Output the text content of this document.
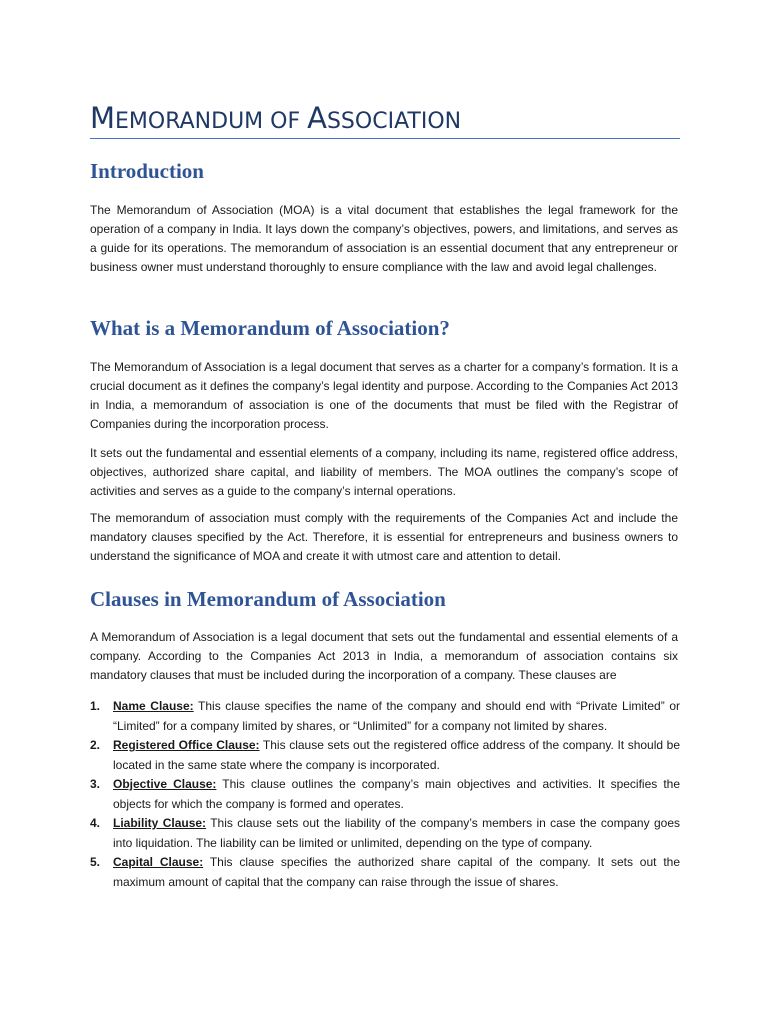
MEMORANDUM OF ASSOCIATION
Introduction

The Memorandum of Association (MOA) is a vital document that establishes the legal framework for the operation of a company in India. It lays down the company’s objectives, powers, and limitations, and serves as a guide for its operations. The memorandum of association is an essential document that any entrepreneur or business owner must understand thoroughly to ensure compliance with the law and avoid legal challenges.

What is a Memorandum of Association?

The Memorandum of Association is a legal document that serves as a charter for a company’s formation. It is a crucial document as it defines the company’s legal identity and purpose. According to the Companies Act 2013 in India, a memorandum of association is one of the documents that must be filed with the Registrar of Companies during the incorporation process.

It sets out the fundamental and essential elements of a company, including its name, registered office address, objectives, authorized share capital, and liability of members. The MOA outlines the company’s scope of activities and serves as a guide to the company’s internal operations.

The memorandum of association must comply with the requirements of the Companies Act and include the mandatory clauses specified by the Act. Therefore, it is essential for entrepreneurs and business owners to understand the significance of MOA and create it with utmost care and attention to detail.

Clauses in Memorandum of Association

A Memorandum of Association is a legal document that sets out the fundamental and essential elements of a company. According to the Companies Act 2013 in India, a memorandum of association contains six mandatory clauses that must be included during the incorporation of a company. These clauses are

1. Name Clause: This clause specifies the name of the company and should end with “Private Limited” or “Limited” for a company limited by shares, or “Unlimited” for a company not limited by shares.
2. Registered Office Clause: This clause sets out the registered office address of the company. It should be located in the same state where the company is incorporated.
3. Objective Clause: This clause outlines the company’s main objectives and activities. It specifies the objects for which the company is formed and operates.
4. Liability Clause: This clause sets out the liability of the company’s members in case the company goes into liquidation. The liability can be limited or unlimited, depending on the type of company.
5. Capital Clause: This clause specifies the authorized share capital of the company. It sets out the maximum amount of capital that the company can raise through the issue of shares.
